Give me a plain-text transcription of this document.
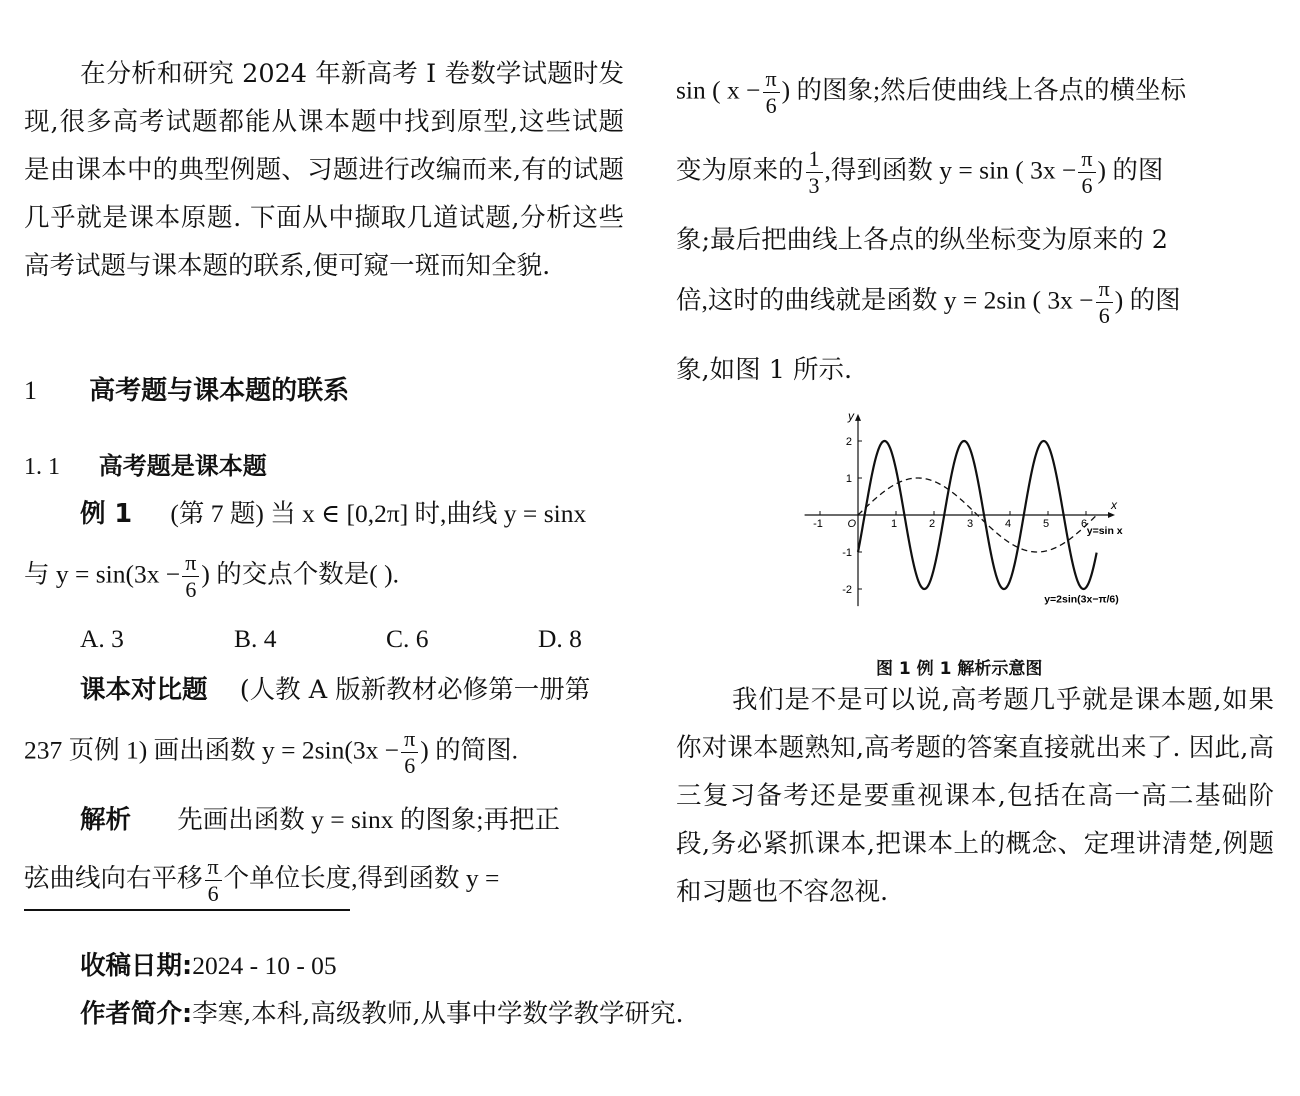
在分析和研究 2024 年新高考 Ⅰ 卷数学试题时发现,很多高考试题都能从课本题中找到原型,这些试题是由课本中的典型例题、习题进行改编而来,有的试题几乎就是课本原题. 下面从中撷取几道试题,分析这些高考试题与课本题的联系,便可窥一斑而知全貌.

1 高考题与课本题的联系
1. 1 高考题是课本题
例 1 (第 7 题) 当 x ∈ [0,2π] 时,曲线 y = sinx
与 $y = \sin(3x - \frac{\pi}{6}$ ) 的交点个数是( ).
A. 3	B. 4	C. 6	D. 8
课本对比题 (人教 A 版新教材必修第一册第
237 页例 1) 画出函数 $y = 2\sin(3x - \frac{\pi}{6}$ ) 的简图.
解析 先画出函数 y = sinx 的图象;再把正
弦曲线向右平移 $\frac{\pi}{6}$ 个单位长度,得到函数 y =
收稿日期:2024 - 10 - 05
作者简介:李寒,本科,高级教师,从事中学数学教学研究.
sin ( $x - \frac{\pi}{6}$ ) 的图象;然后使曲线上各点的横坐标
变为原来的 $\frac{1}{3}$ ,得到函数 y = sin ( $3x - \frac{\pi}{6}$ ) 的图
象;最后把曲线上各点的纵坐标变为原来的 2
倍,这时的曲线就是函数 y = 2sin ( $3x - \frac{\pi}{6}$ ) 的图
象,如图 1 所示.
-1	1	2	3	4	5	6
2
1
-1
-2
O
x
y
y=sin x
y=2sin(3x−π/6)
图 1 例 1 解析示意图

我们是不是可以说,高考题几乎就是课本题,如果你对课本题熟知,高考题的答案直接就出来了. 因此,高三复习备考还是要重视课本,包括在高一高二基础阶段,务必紧抓课本,把课本上的概念、定理讲清楚,例题和习题也不容忽视.
